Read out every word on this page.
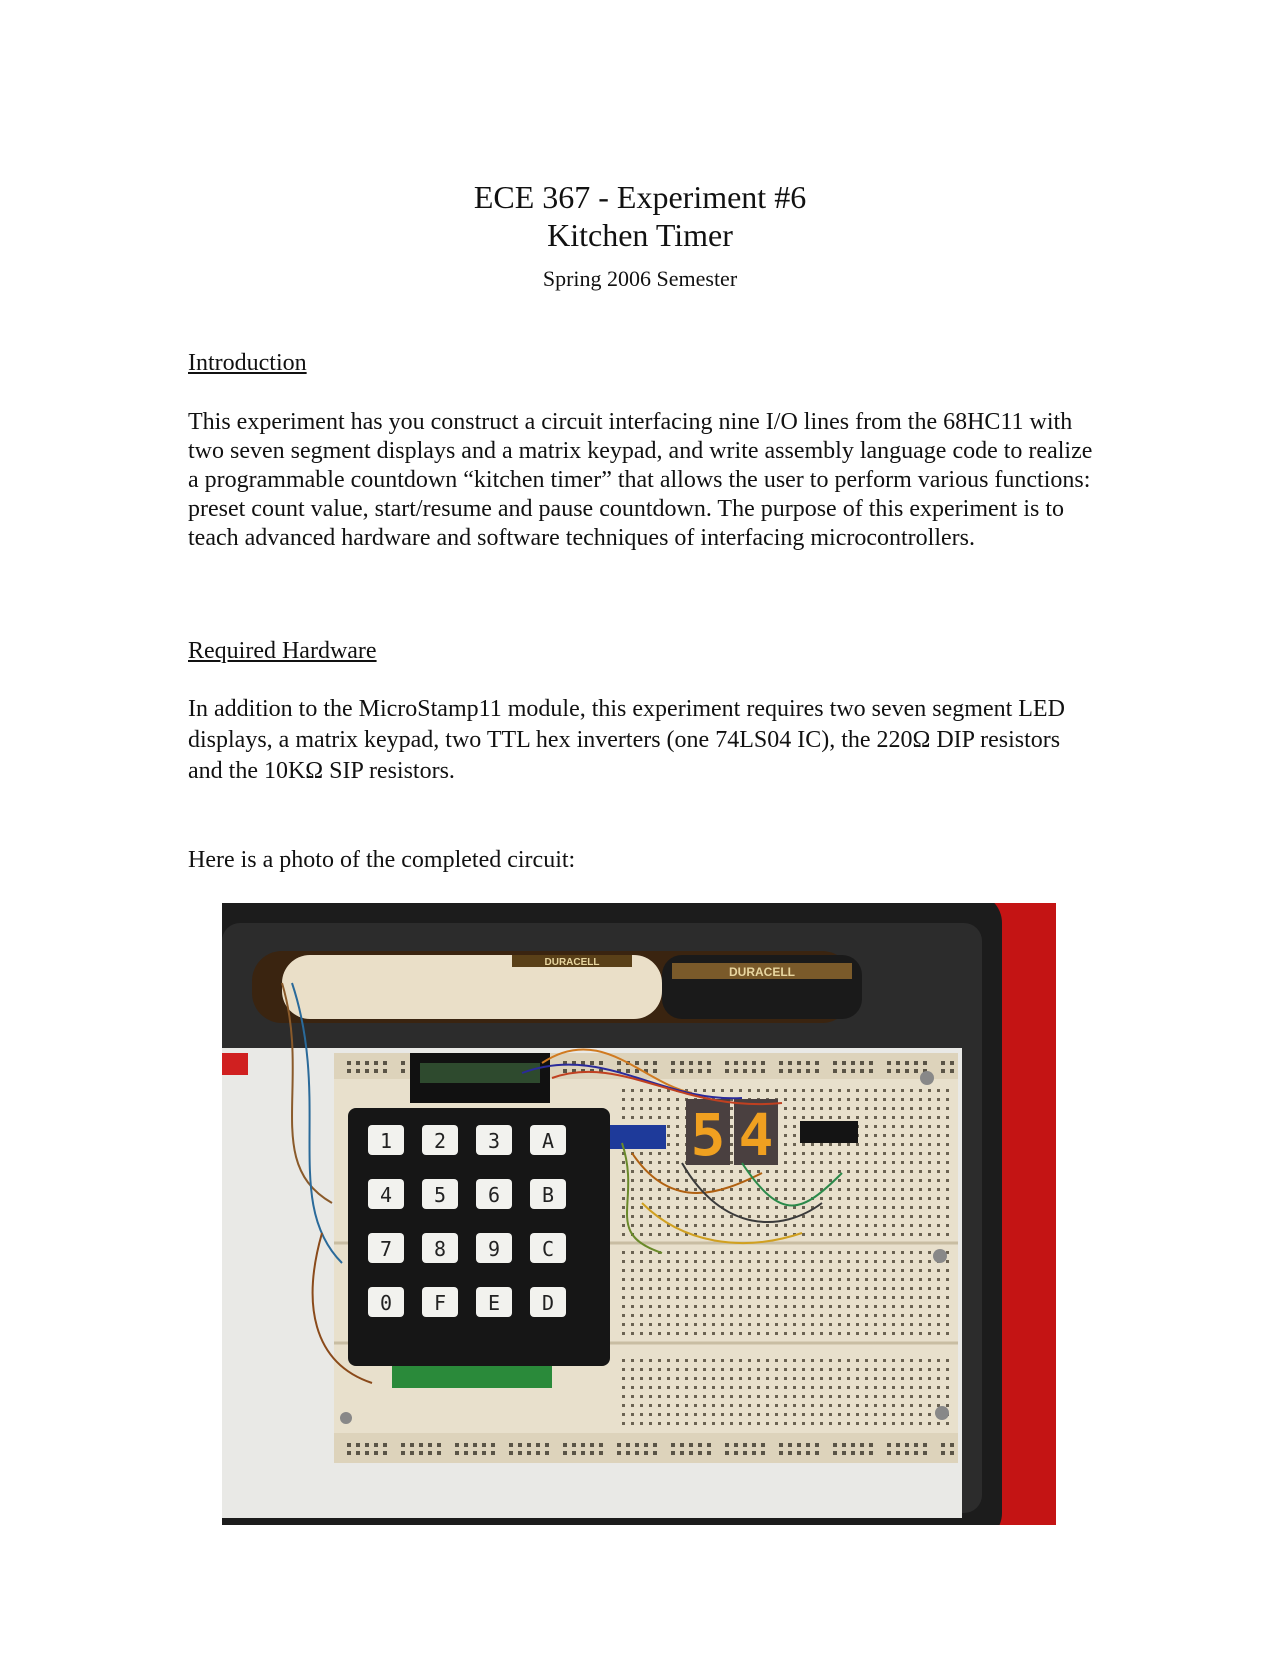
ECE 367 - Experiment #6
Kitchen Timer
Spring 2006 Semester
Introduction

This experiment has you construct a circuit interfacing nine I/O lines from the 68HC11 with two seven segment displays and a matrix keypad, and write assembly language code to realize a programmable countdown “kitchen timer” that allows the user to perform various functions: preset count value, start/resume and pause countdown. The purpose of this experiment is to teach advanced hardware and software techniques of interfacing microcontrollers.

Required Hardware

In addition to the MicroStamp11 module, this experiment requires two seven segment LED displays, a matrix keypad, two TTL hex inverters (one 74LS04 IC), the 220Ω DIP resistors and the 10KΩ SIP resistors.

Here is a photo of the completed circuit:

DURACELL
DURACELL
5 4
1 2 3 A
4 5 6 B
7 8 9 C
0 F E D
